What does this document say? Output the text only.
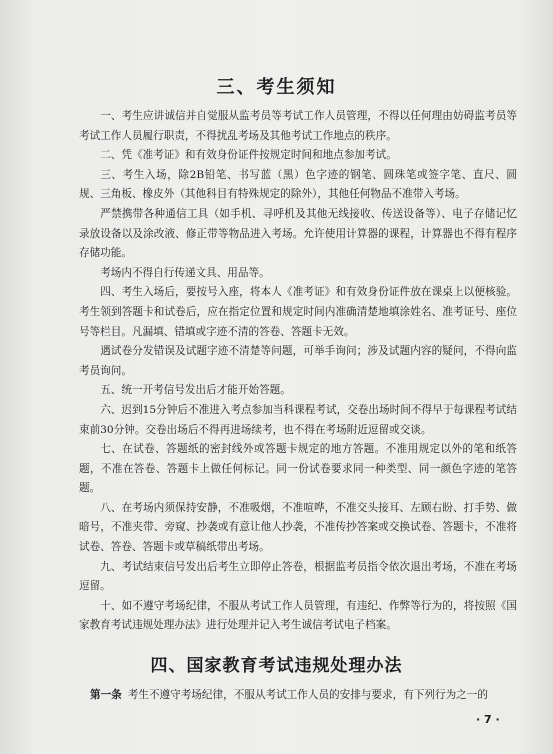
三、考生须知

一、考生应讲诚信并自觉服从监考员等考试工作人员管理，不得以任何理由妨碍监考员等考试工作人员履行职责，不得扰乱考场及其他考试工作地点的秩序。

二、凭《准考证》和有效身份证件按规定时间和地点参加考试。

三、考生入场，除2B铅笔、书写蓝（黑）色字迹的钢笔、圆珠笔或签字笔、直尺、圆规、三角板、橡皮外（其他科目有特殊规定的除外），其他任何物品不准带入考场。

严禁携带各种通信工具（如手机、寻呼机及其他无线接收、传送设备等）、电子存储记忆录放设备以及涂改液、修正带等物品进入考场。允许使用计算器的课程，计算器也不得有程序存储功能。

考场内不得自行传递文具、用品等。

四、考生入场后，要按号入座，将本人《准考证》和有效身份证件放在课桌上以便核验。考生领到答题卡和试卷后，应在指定位置和规定时间内准确清楚地填涂姓名、准考证号、座位号等栏目。凡漏填、错填或字迹不清的答卷、答题卡无效。

遇试卷分发错误及试题字迹不清楚等问题，可举手询问；涉及试题内容的疑问，不得向监考员询问。

五、统一开考信号发出后才能开始答题。

六、迟到15分钟后不准进入考点参加当科课程考试，交卷出场时间不得早于每课程考试结束前30分钟。交卷出场后不得再进场续考，也不得在考场附近逗留或交谈。

七、在试卷、答题纸的密封线外或答题卡规定的地方答题。不准用规定以外的笔和纸答题，不准在答卷、答题卡上做任何标记。同一份试卷要求同一种类型、同一颜色字迹的笔答题。

八、在考场内须保持安静，不准吸烟，不准喧哗，不准交头接耳、左顾右盼、打手势、做暗号，不准夹带、旁窥、抄袭或有意让他人抄袭，不准传抄答案或交换试卷、答题卡，不准将试卷、答卷、答题卡或草稿纸带出考场。

九、考试结束信号发出后考生立即停止答卷，根据监考员指令依次退出考场，不准在考场逗留。

十、如不遵守考场纪律，不服从考试工作人员管理，有违纪、作弊等行为的，将按照《国家教育考试违规处理办法》进行处理并记入考生诚信考试电子档案。

四、国家教育考试违规处理办法
第一条 考生不遵守考场纪律，不服从考试工作人员的安排与要求，有下列行为之一的
· 7 ·
